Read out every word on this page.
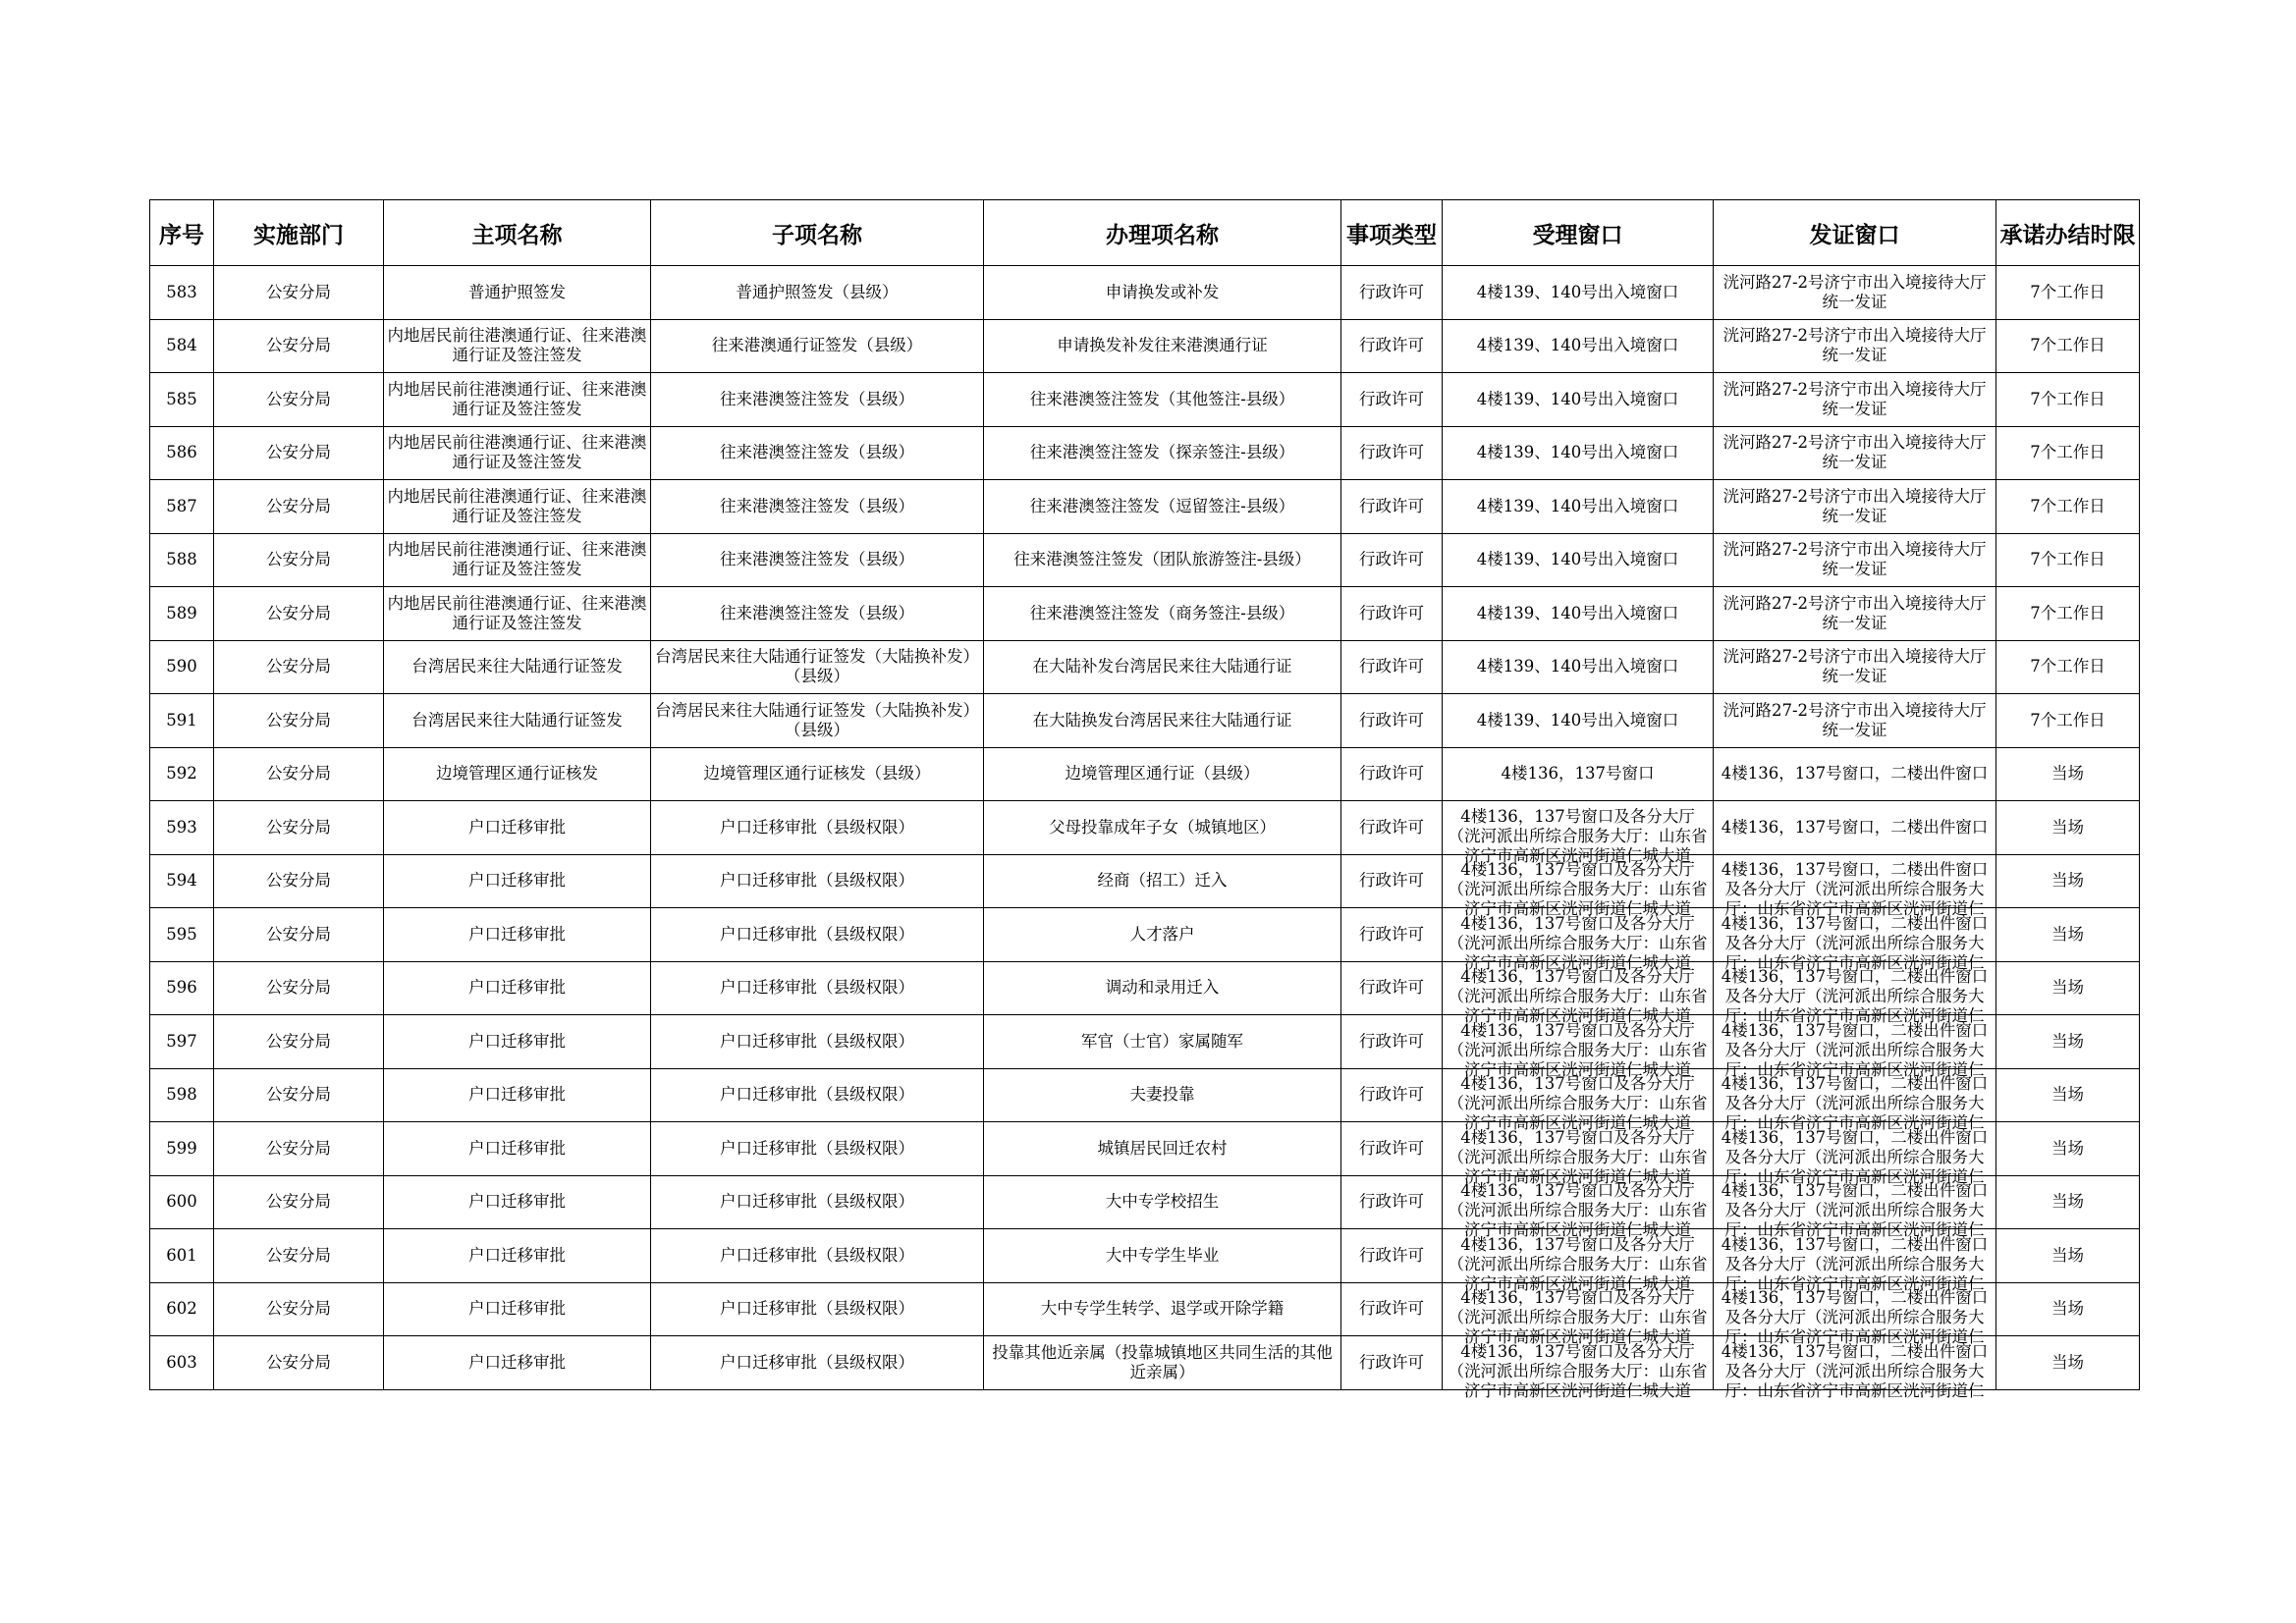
序号	实施部门	主项名称	子项名称	办理项名称	事项类型	受理窗口	发证窗口	承诺办结时限

583	公安分局	普通护照签发	普通护照签发（县级）	申请换发或补发	行政许可	4楼139、140号出入境窗口	洸河路27-2号济宁市出入境接待大厅统一发证	7个工作日

584	公安分局	内地居民前往港澳通行证、往来港澳通行证及签注签发	往来港澳通行证签发（县级）	申请换发补发往来港澳通行证	行政许可	4楼139、140号出入境窗口	洸河路27-2号济宁市出入境接待大厅统一发证	7个工作日

585	公安分局	内地居民前往港澳通行证、往来港澳通行证及签注签发	往来港澳签注签发（县级）	往来港澳签注签发（其他签注-县级）	行政许可	4楼139、140号出入境窗口	洸河路27-2号济宁市出入境接待大厅统一发证	7个工作日

586	公安分局	内地居民前往港澳通行证、往来港澳通行证及签注签发	往来港澳签注签发（县级）	往来港澳签注签发（探亲签注-县级）	行政许可	4楼139、140号出入境窗口	洸河路27-2号济宁市出入境接待大厅统一发证	7个工作日

587	公安分局	内地居民前往港澳通行证、往来港澳通行证及签注签发	往来港澳签注签发（县级）	往来港澳签注签发（逗留签注-县级）	行政许可	4楼139、140号出入境窗口	洸河路27-2号济宁市出入境接待大厅统一发证	7个工作日

588	公安分局	内地居民前往港澳通行证、往来港澳通行证及签注签发	往来港澳签注签发（县级）	往来港澳签注签发（团队旅游签注-县级）	行政许可	4楼139、140号出入境窗口	洸河路27-2号济宁市出入境接待大厅统一发证	7个工作日

589	公安分局	内地居民前往港澳通行证、往来港澳通行证及签注签发	往来港澳签注签发（县级）	往来港澳签注签发（商务签注-县级）	行政许可	4楼139、140号出入境窗口	洸河路27-2号济宁市出入境接待大厅统一发证	7个工作日

590	公安分局	台湾居民来往大陆通行证签发	台湾居民来往大陆通行证签发（大陆换补发）（县级）	在大陆补发台湾居民来往大陆通行证	行政许可	4楼139、140号出入境窗口	洸河路27-2号济宁市出入境接待大厅统一发证	7个工作日

591	公安分局	台湾居民来往大陆通行证签发	台湾居民来往大陆通行证签发（大陆换补发）（县级）	在大陆换发台湾居民来往大陆通行证	行政许可	4楼139、140号出入境窗口	洸河路27-2号济宁市出入境接待大厅统一发证	7个工作日

592	公安分局	边境管理区通行证核发	边境管理区通行证核发（县级）	边境管理区通行证（县级）	行政许可	4楼136，137号窗口	4楼136，137号窗口，二楼出件窗口	当场

593	公安分局	户口迁移审批	户口迁移审批（县级权限）	父母投靠成年子女（城镇地区）	行政许可	4楼136，137号窗口及各分大厅（洸河派出所综合服务大厅：山东省济宁市高新区洸河街道仁城大道	4楼136，137号窗口，二楼出件窗口	当场

594	公安分局	户口迁移审批	户口迁移审批（县级权限）	经商（招工）迁入	行政许可	4楼136，137号窗口及各分大厅（洸河派出所综合服务大厅：山东省济宁市高新区洸河街道仁城大道	4楼136，137号窗口，二楼出件窗口及各分大厅（洸河派出所综合服务大厅：山东省济宁市高新区洸河街道仁	当场

595	公安分局	户口迁移审批	户口迁移审批（县级权限）	人才落户	行政许可	4楼136，137号窗口及各分大厅（洸河派出所综合服务大厅：山东省济宁市高新区洸河街道仁城大道	4楼136，137号窗口，二楼出件窗口及各分大厅（洸河派出所综合服务大厅：山东省济宁市高新区洸河街道仁	当场

596	公安分局	户口迁移审批	户口迁移审批（县级权限）	调动和录用迁入	行政许可	4楼136，137号窗口及各分大厅（洸河派出所综合服务大厅：山东省济宁市高新区洸河街道仁城大道	4楼136，137号窗口，二楼出件窗口及各分大厅（洸河派出所综合服务大厅：山东省济宁市高新区洸河街道仁	当场

597	公安分局	户口迁移审批	户口迁移审批（县级权限）	军官（士官）家属随军	行政许可	4楼136，137号窗口及各分大厅（洸河派出所综合服务大厅：山东省济宁市高新区洸河街道仁城大道	4楼136，137号窗口，二楼出件窗口及各分大厅（洸河派出所综合服务大厅：山东省济宁市高新区洸河街道仁	当场

598	公安分局	户口迁移审批	户口迁移审批（县级权限）	夫妻投靠	行政许可	4楼136，137号窗口及各分大厅（洸河派出所综合服务大厅：山东省济宁市高新区洸河街道仁城大道	4楼136，137号窗口，二楼出件窗口及各分大厅（洸河派出所综合服务大厅：山东省济宁市高新区洸河街道仁	当场

599	公安分局	户口迁移审批	户口迁移审批（县级权限）	城镇居民回迁农村	行政许可	4楼136，137号窗口及各分大厅（洸河派出所综合服务大厅：山东省济宁市高新区洸河街道仁城大道	4楼136，137号窗口，二楼出件窗口及各分大厅（洸河派出所综合服务大厅：山东省济宁市高新区洸河街道仁	当场

600	公安分局	户口迁移审批	户口迁移审批（县级权限）	大中专学校招生	行政许可	4楼136，137号窗口及各分大厅（洸河派出所综合服务大厅：山东省济宁市高新区洸河街道仁城大道	4楼136，137号窗口，二楼出件窗口及各分大厅（洸河派出所综合服务大厅：山东省济宁市高新区洸河街道仁	当场

601	公安分局	户口迁移审批	户口迁移审批（县级权限）	大中专学生毕业	行政许可	4楼136，137号窗口及各分大厅（洸河派出所综合服务大厅：山东省济宁市高新区洸河街道仁城大道	4楼136，137号窗口，二楼出件窗口及各分大厅（洸河派出所综合服务大厅：山东省济宁市高新区洸河街道仁	当场

602	公安分局	户口迁移审批	户口迁移审批（县级权限）	大中专学生转学、退学或开除学籍	行政许可	4楼136，137号窗口及各分大厅（洸河派出所综合服务大厅：山东省济宁市高新区洸河街道仁城大道	4楼136，137号窗口，二楼出件窗口及各分大厅（洸河派出所综合服务大厅：山东省济宁市高新区洸河街道仁	当场

603	公安分局	户口迁移审批	户口迁移审批（县级权限）	投靠其他近亲属（投靠城镇地区共同生活的其他近亲属）	行政许可	4楼136，137号窗口及各分大厅（洸河派出所综合服务大厅：山东省济宁市高新区洸河街道仁城大道	4楼136，137号窗口，二楼出件窗口及各分大厅（洸河派出所综合服务大厅：山东省济宁市高新区洸河街道仁	当场
